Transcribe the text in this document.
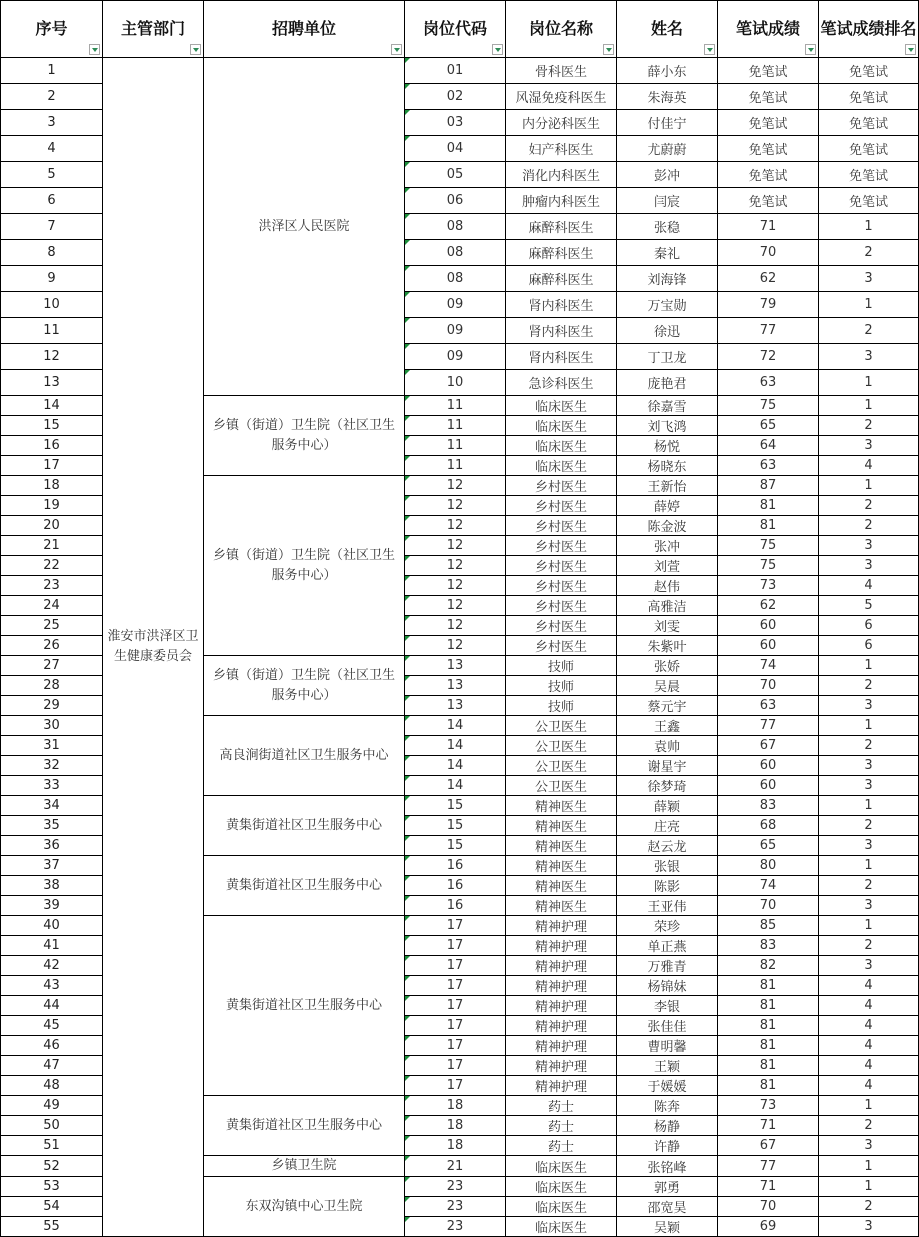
序号	主管部门	招聘单位	岗位代码	岗位名称	姓名	笔试成绩	笔试成绩排名

1	淮安市洪泽区卫生健康委员会	洪泽区人民医院	01	骨科医生	薛小东	免笔试	免笔试
2			02	风湿免疫科医生	朱海英	免笔试	免笔试
3			03	内分泌科医生	付佳宁	免笔试	免笔试
4			04	妇产科医生	尤蔚蔚	免笔试	免笔试
5			05	消化内科医生	彭冲	免笔试	免笔试
6			06	肿瘤内科医生	闫宸	免笔试	免笔试
7			08	麻醉科医生	张稳	71	1
8			08	麻醉科医生	秦礼	70	2
9			08	麻醉科医生	刘海锋	62	3
10			09	肾内科医生	万宝勋	79	1
11			09	肾内科医生	徐迅	77	2
12			09	肾内科医生	丁卫龙	72	3
13			10	急诊科医生	庞艳君	63	1
14		乡镇（街道）卫生院（社区卫生服务中心）	11	临床医生	徐嘉雪	75	1
15			11	临床医生	刘飞鸿	65	2
16			11	临床医生	杨悦	64	3
17			11	临床医生	杨晓东	63	4
18		乡镇（街道）卫生院（社区卫生服务中心）	12	乡村医生	王新怡	87	1
19			12	乡村医生	薛婷	81	2
20			12	乡村医生	陈金波	81	2
21			12	乡村医生	张冲	75	3
22			12	乡村医生	刘萱	75	3
23			12	乡村医生	赵伟	73	4
24			12	乡村医生	高雅洁	62	5
25			12	乡村医生	刘雯	60	6
26			12	乡村医生	朱紫叶	60	6
27		乡镇（街道）卫生院（社区卫生服务中心）	13	技师	张娇	74	1
28			13	技师	吴晨	70	2
29			13	技师	蔡元宇	63	3
30		高良涧街道社区卫生服务中心	14	公卫医生	王鑫	77	1
31			14	公卫医生	袁帅	67	2
32			14	公卫医生	谢星宇	60	3
33			14	公卫医生	徐梦琦	60	3
34		黄集街道社区卫生服务中心	15	精神医生	薛颖	83	1
35			15	精神医生	庄亮	68	2
36			15	精神医生	赵云龙	65	3
37		黄集街道社区卫生服务中心	16	精神医生	张银	80	1
38			16	精神医生	陈影	74	2
39			16	精神医生	王亚伟	70	3
40		黄集街道社区卫生服务中心	17	精神护理	荣珍	85	1
41			17	精神护理	单正燕	83	2
42			17	精神护理	万雅青	82	3
43			17	精神护理	杨锦妹	81	4
44			17	精神护理	李银	81	4
45			17	精神护理	张佳佳	81	4
46			17	精神护理	曹明馨	81	4
47			17	精神护理	王颖	81	4
48			17	精神护理	于媛媛	81	4
49		黄集街道社区卫生服务中心	18	药士	陈奔	73	1
50			18	药士	杨静	71	2
51			18	药士	许静	67	3
52		乡镇卫生院	21	临床医生	张铭峰	77	1
53		东双沟镇中心卫生院	23	临床医生	郭勇	71	1
54			23	临床医生	邵宽昊	70	2
55			23	临床医生	吴颖	69	3
